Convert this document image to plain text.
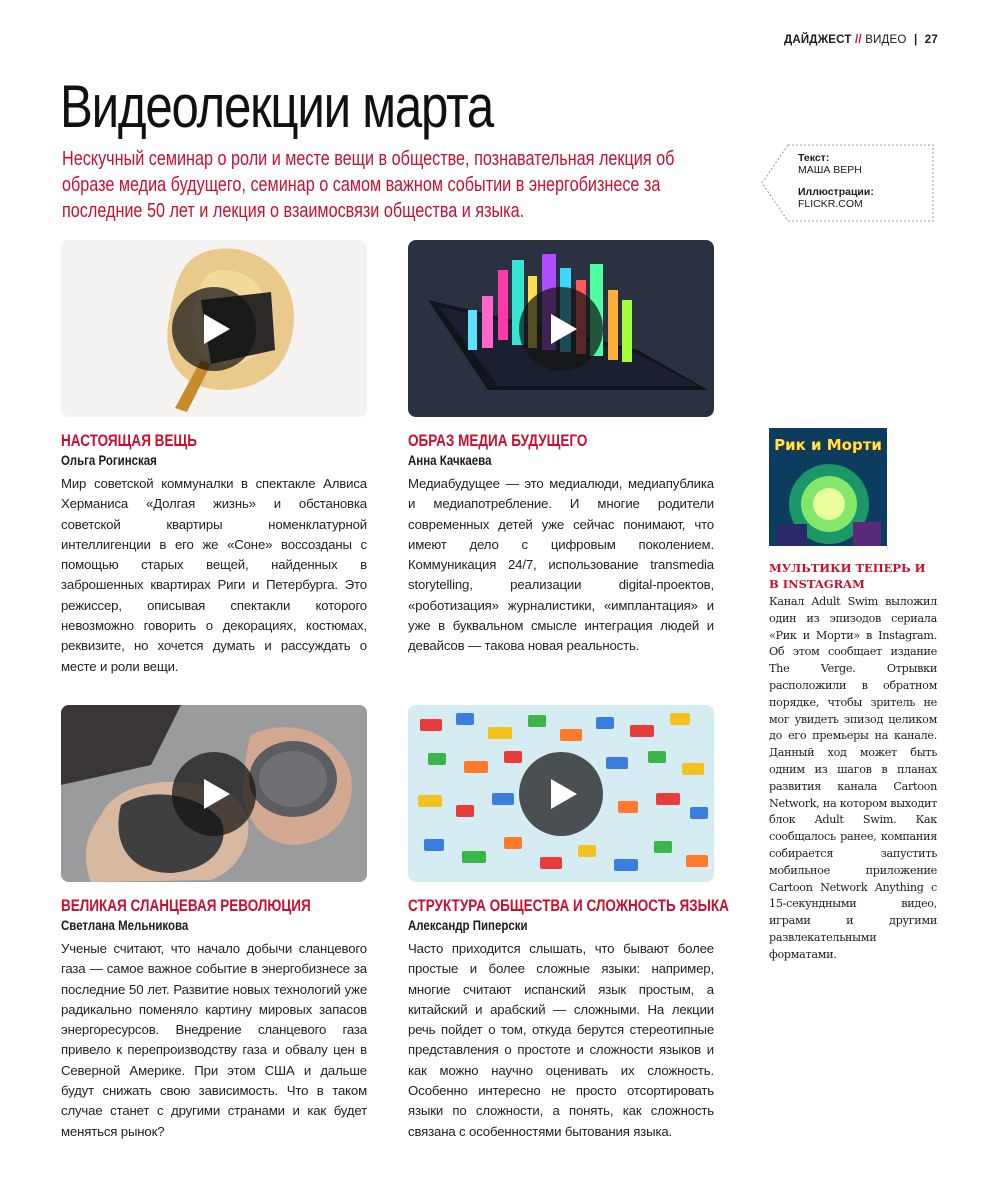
ДАЙДЖЕСТ // ВИДЕО | 27
Видеолекции марта

Нескучный семинар о роли и месте вещи в обществе, познавательная лекция об образе медиа будущего, семинар о самом важном событии в энергобизнесе за последние 50 лет и лекция о взаимосвязи общества и языка.

Текст:
МАША ВЕРН
Иллюстрации:
FLICKR.COM
НАСТОЯЩАЯ ВЕЩЬ
Ольга Рогинская
Мир советской коммуналки в спектакле Алвиса Херманиса «Долгая жизнь» и обстановка советской квартиры номенклатурной интеллигенции в его же «Соне» воссозданы с помощью старых вещей, найденных в заброшенных квартирах Риги и Петербурга. Это режиссер, описывая спектакли которого невозможно говорить о декорациях, костюмах, реквизите, но хочется думать и рассуждать о месте и роли вещи.
ОБРАЗ МЕДИА БУДУЩЕГО
Анна Качкаева
Медиабудущее — это медиалюди, медиапублика и медиапотребление. И многие родители современных детей уже сейчас понимают, что имеют дело с цифровым поколением. Коммуникация 24/7, использование transmedia storytelling, реализации digital-проектов, «роботизация» журналистики, «имплантация» и уже в буквальном смысле интеграция людей и девайсов — такова новая реальность.
ВЕЛИКАЯ СЛАНЦЕВАЯ РЕВОЛЮЦИЯ
Светлана Мельникова
Ученые считают, что начало добычи сланцевого газа — самое важное событие в энергобизнесе за последние 50 лет. Развитие новых технологий уже радикально поменяло картину мировых запасов энергоресурсов. Внедрение сланцевого газа привело к перепроизводству газа и обвалу цен в Северной Америке. При этом США и дальше будут снижать свою зависимость. Что в таком случае станет с другими странами и как будет меняться рынок?
СТРУКТУРА ОБЩЕСТВА И СЛОЖНОСТЬ ЯЗЫКА
Александр Пиперски
Часто приходится слышать, что бывают более простые и более сложные языки: например, многие считают испанский язык простым, а китайский и арабский — сложными. На лекции речь пойдет о том, откуда берутся стереотипные представления о простоте и сложности языков и как можно научно оценивать их сложность. Особенно интересно не просто отсортировать языки по сложности, а понять, как сложность связана с особенностями бытования языка.
Рик и Морти
МУЛЬТИКИ ТЕПЕРЬ И В INSTAGRAM
Канал Adult Swim выложил один из эпизодов сериала «Рик и Морти» в Instagram. Об этом сообщает издание The Verge. Отрывки расположили в обратном порядке, чтобы зритель не мог увидеть эпизод целиком до его премьеры на канале. Данный ход может быть одним из шагов в планах развития канала Cartoon Network, на котором выходит блок Adult Swim. Как сообщалось ранее, компания собирается запустить мобильное приложение Cartoon Network Anything с 15-секундными видео, играми и другими развлекательными форматами.
